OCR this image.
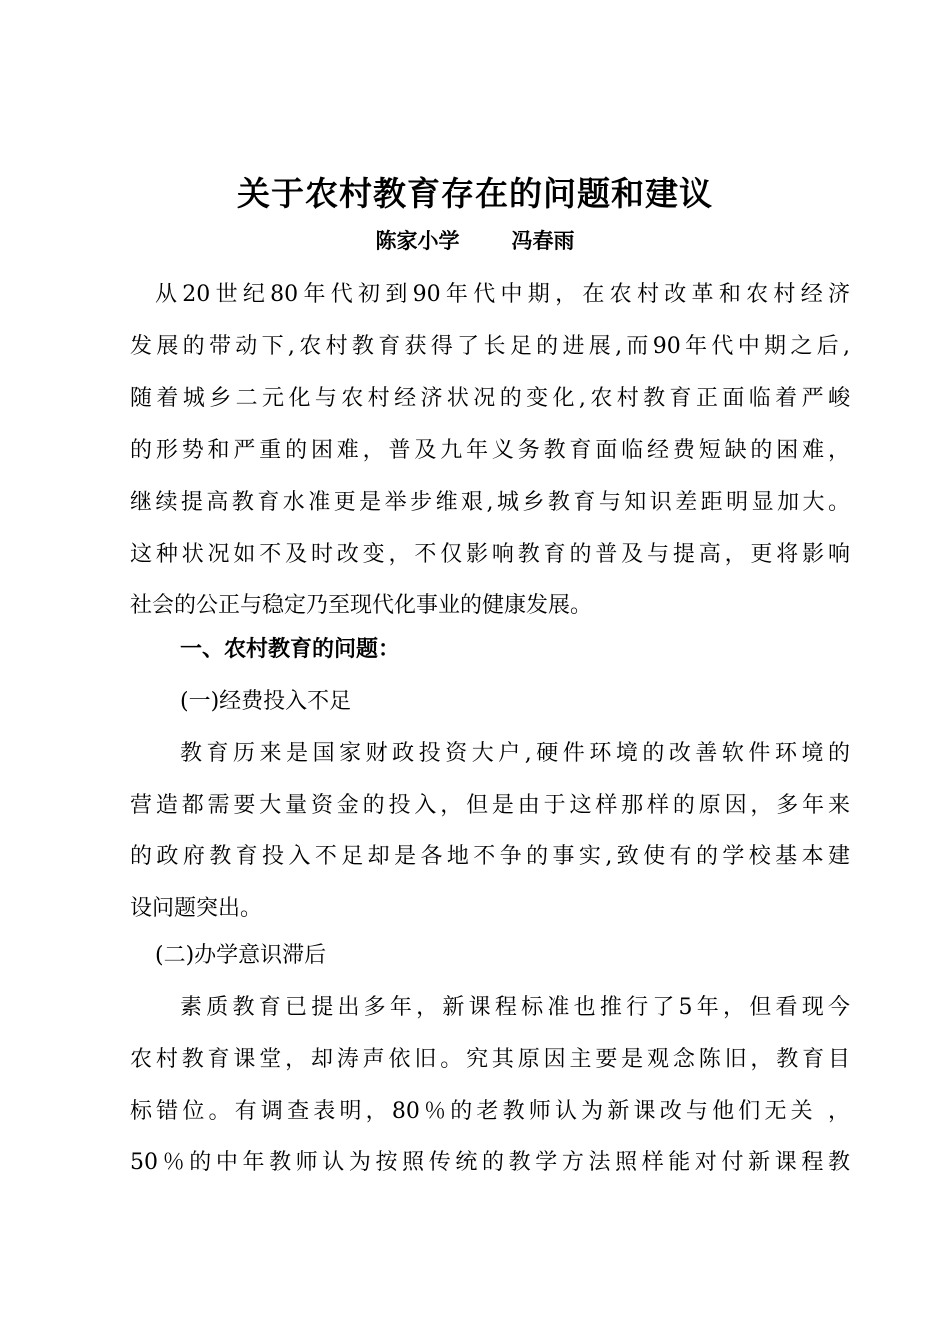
关于农村教育存在的问题和建议
陈家小学 冯春雨
从20世纪80年代初到90年代中期，在农村改革和农村经济
发展的带动下,农村教育获得了长足的进展,而90年代中期之后,
随着城乡二元化与农村经济状况的变化,农村教育正面临着严峻
的形势和严重的困难，普及九年义务教育面临经费短缺的困难，
继续提高教育水准更是举步维艰,城乡教育与知识差距明显加大。
这种状况如不及时改变，不仅影响教育的普及与提高，更将影响
社会的公正与稳定乃至现代化事业的健康发展。
一、农村教育的问题：
(一)经费投入不足
教育历来是国家财政投资大户,硬件环境的改善软件环境的
营造都需要大量资金的投入，但是由于这样那样的原因，多年来
的政府教育投入不足却是各地不争的事实,致使有的学校基本建
设问题突出。
(二)办学意识滞后
素质教育已提出多年，新课程标准也推行了5年，但看现今
农村教育课堂，却涛声依旧。究其原因主要是观念陈旧，教育目
标错位。有调查表明，80％的老教师认为新课改与他们无关 ，
50％的中年教师认为按照传统的教学方法照样能对付新课程教
